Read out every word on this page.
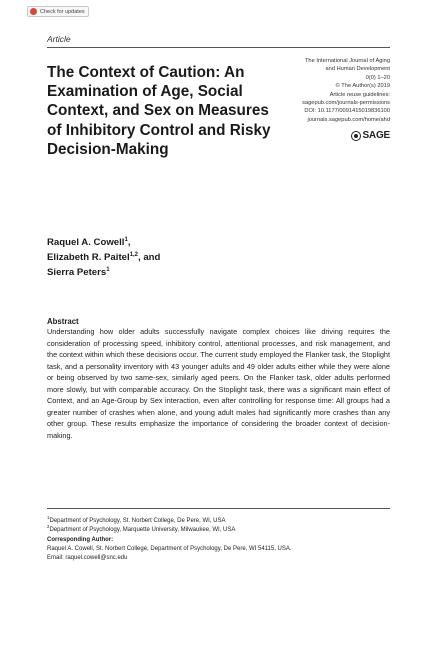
Check for updates
Article
The Context of Caution: An Examination of Age, Social Context, and Sex on Measures of Inhibitory Control and Risky Decision-Making
The International Journal of Aging
and Human Development
0(0) 1–20
© The Author(s) 2019
Article reuse guidelines:
sagepub.com/journals-permissions
DOI: 10.1177/0091415019836100
journals.sagepub.com/home/ahd
SAGE
Raquel A. Cowell$^1$,
Elizabeth R. Paitel$^{1,2}$, and
Sierra Peters$^1$
Abstract

Understanding how older adults successfully navigate complex choices like driving requires the consideration of processing speed, inhibitory control, attentional processes, and risk management, and the context within which these decisions occur. The current study employed the Flanker task, the Stoplight task, and a personality inventory with 43 younger adults and 49 older adults either while they were alone or being observed by two same-sex, similarly aged peers. On the Flanker task, older adults performed more slowly, but with comparable accuracy. On the Stoplight task, there was a significant main effect of Context, and an Age-Group by Sex interaction, even after controlling for response time: All groups had a greater number of crashes when alone, and young adult males had significantly more crashes than any other group. These results emphasize the importance of considering the broader context of decision-making.

$^1$Department of Psychology, St. Norbert College, De Pere, WI, USA
$^2$Department of Psychology, Marquette University, Milwaukee, WI, USA
Corresponding Author:
Raquel A. Cowell, St. Norbert College, Department of Psychology, De Pere, WI 54115, USA.
Email: raquel.cowell@snc.edu
